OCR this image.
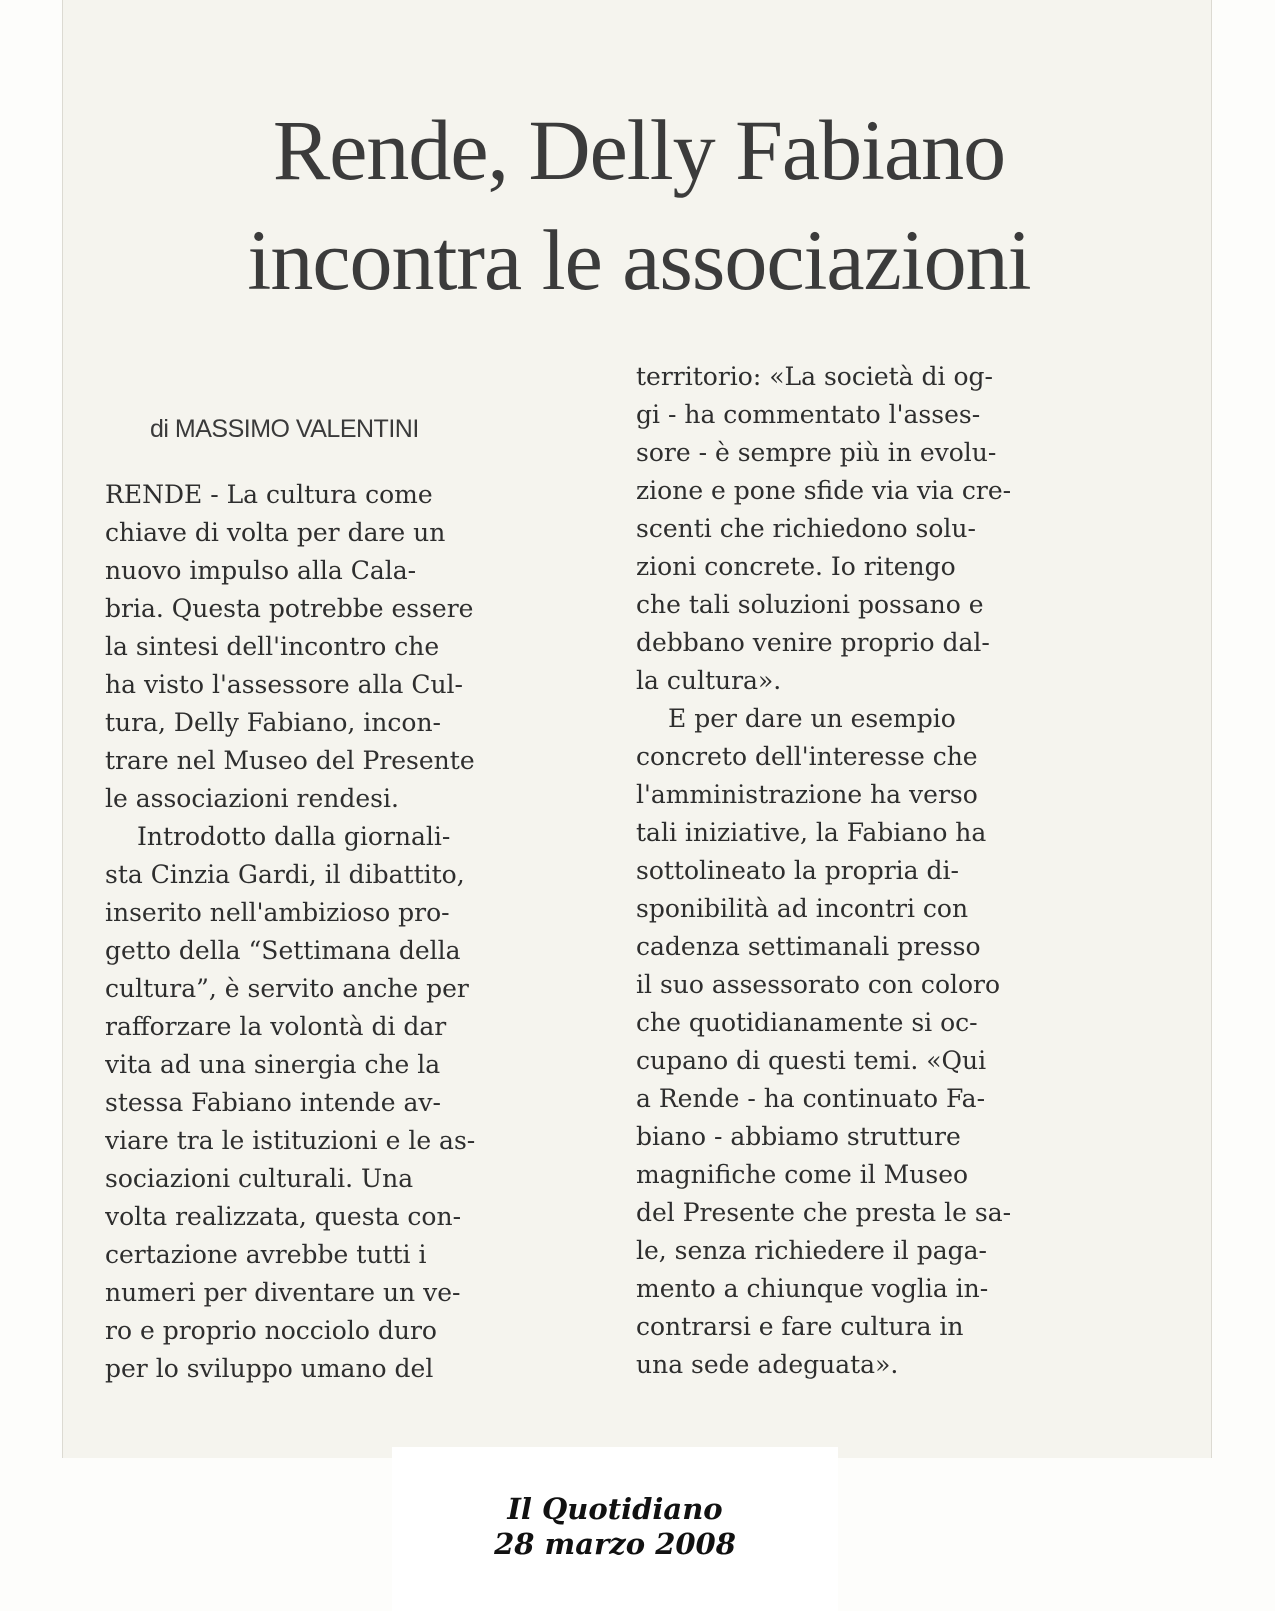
Rende, Delly Fabiano
incontra le associazioni
di MASSIMO VALENTINI
RENDE - La cultura come
chiave di volta per dare un
nuovo impulso alla Cala-
bria. Questa potrebbe essere
la sintesi dell'incontro che
ha visto l'assessore alla Cul-
tura, Delly Fabiano, incon-
trare nel Museo del Presente
le associazioni rendesi.
Introdotto dalla giornali-
sta Cinzia Gardi, il dibattito,
inserito nell'ambizioso pro-
getto della “Settimana della
cultura”, è servito anche per
rafforzare la volontà di dar
vita ad una sinergia che la
stessa Fabiano intende av-
viare tra le istituzioni e le as-
sociazioni culturali. Una
volta realizzata, questa con-
certazione avrebbe tutti i
numeri per diventare un ve-
ro e proprio nocciolo duro
per lo sviluppo umano del
territorio: «La società di og-
gi - ha commentato l'asses-
sore - è sempre più in evolu-
zione e pone sfide via via cre-
scenti che richiedono solu-
zioni concrete. Io ritengo
che tali soluzioni possano e
debbano venire proprio dal-
la cultura».
E per dare un esempio
concreto dell'interesse che
l'amministrazione ha verso
tali iniziative, la Fabiano ha
sottolineato la propria di-
sponibilità ad incontri con
cadenza settimanali presso
il suo assessorato con coloro
che quotidianamente si oc-
cupano di questi temi. «Qui
a Rende - ha continuato Fa-
biano - abbiamo strutture
magnifiche come il Museo
del Presente che presta le sa-
le, senza richiedere il paga-
mento a chiunque voglia in-
contrarsi e fare cultura in
una sede adeguata».
Il Quotidiano
28 marzo 2008
